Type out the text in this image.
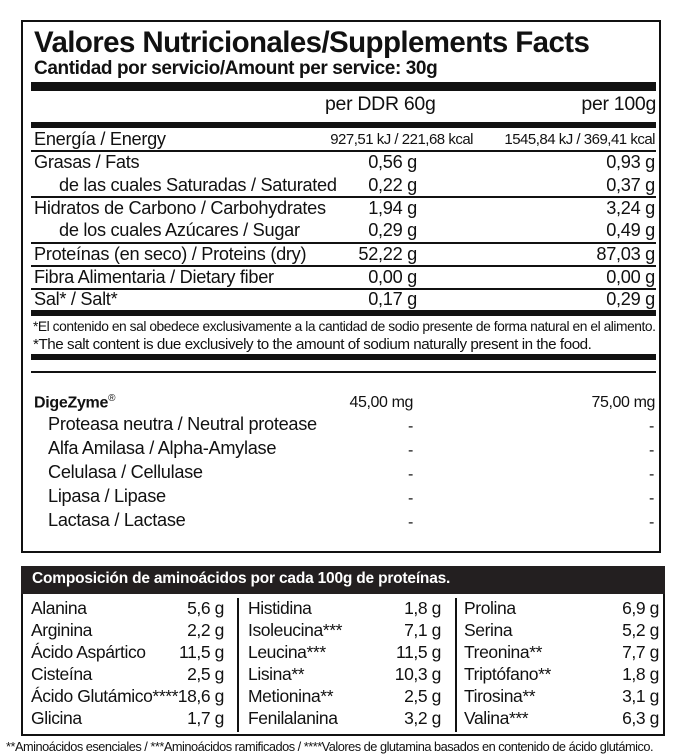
Valores Nutricionales/Supplements Facts
Cantidad por servicio/Amount per service: 30g
per DDR 60g	per 100g
Energía / Energy	927,51 kJ / 221,68 kcal 1545,84 kJ / 369,41 kcal
Grasas / Fats	0,56 g	0,93 g
de las cuales Saturadas / Saturated 0,22 g	0,37 g
Hidratos de Carbono / Carbohydrates 1,94 g	3,24 g
de los cuales Azúcares / Sugar	0,29 g	0,49 g
Proteínas (en seco) / Proteins (dry)	52,22 g	87,03 g
Fibra Alimentaria / Dietary fiber	0,00 g	0,00 g
Sal* / Salt*	0,17 g	0,29 g
*El contenido en sal obedece exclusivamente a la cantidad de sodio presente de forma natural en el alimento.
*The salt content is due exclusively to the amount of sodium naturally present in the food.
DigeZyme®	45,00 mg	75,00 mg
Proteasa neutra / Neutral protease	-	-
Alfa Amilasa / Alpha-Amylase	-	-
Celulasa / Cellulase	-	-
Lipasa / Lipase	-	-
Lactasa / Lactase	-	-
Composición de aminoácidos por cada 100g de proteínas.
Alanina	5,6 g
Arginina	2,2 g
Ácido Aspártico 11,5 g
Cisteína	2,5 g
Ácido Glutámico**** 18,6 g
Glicina	1,7 g
Histidina	1,8 g
Isoleucina***	7,1 g
Leucina***	11,5 g
Lisina**	10,3 g
Metionina**	2,5 g
Fenilalanina	3,2 g
Prolina	6,9 g
Serina	5,2 g
Treonina**	7,7 g
Triptófano**	1,8 g
Tirosina**	3,1 g
Valina***	6,3 g
**Aminoácidos esenciales / ***Aminoácidos ramificados / ****Valores de glutamina basados en contenido de ácido glutámico.
